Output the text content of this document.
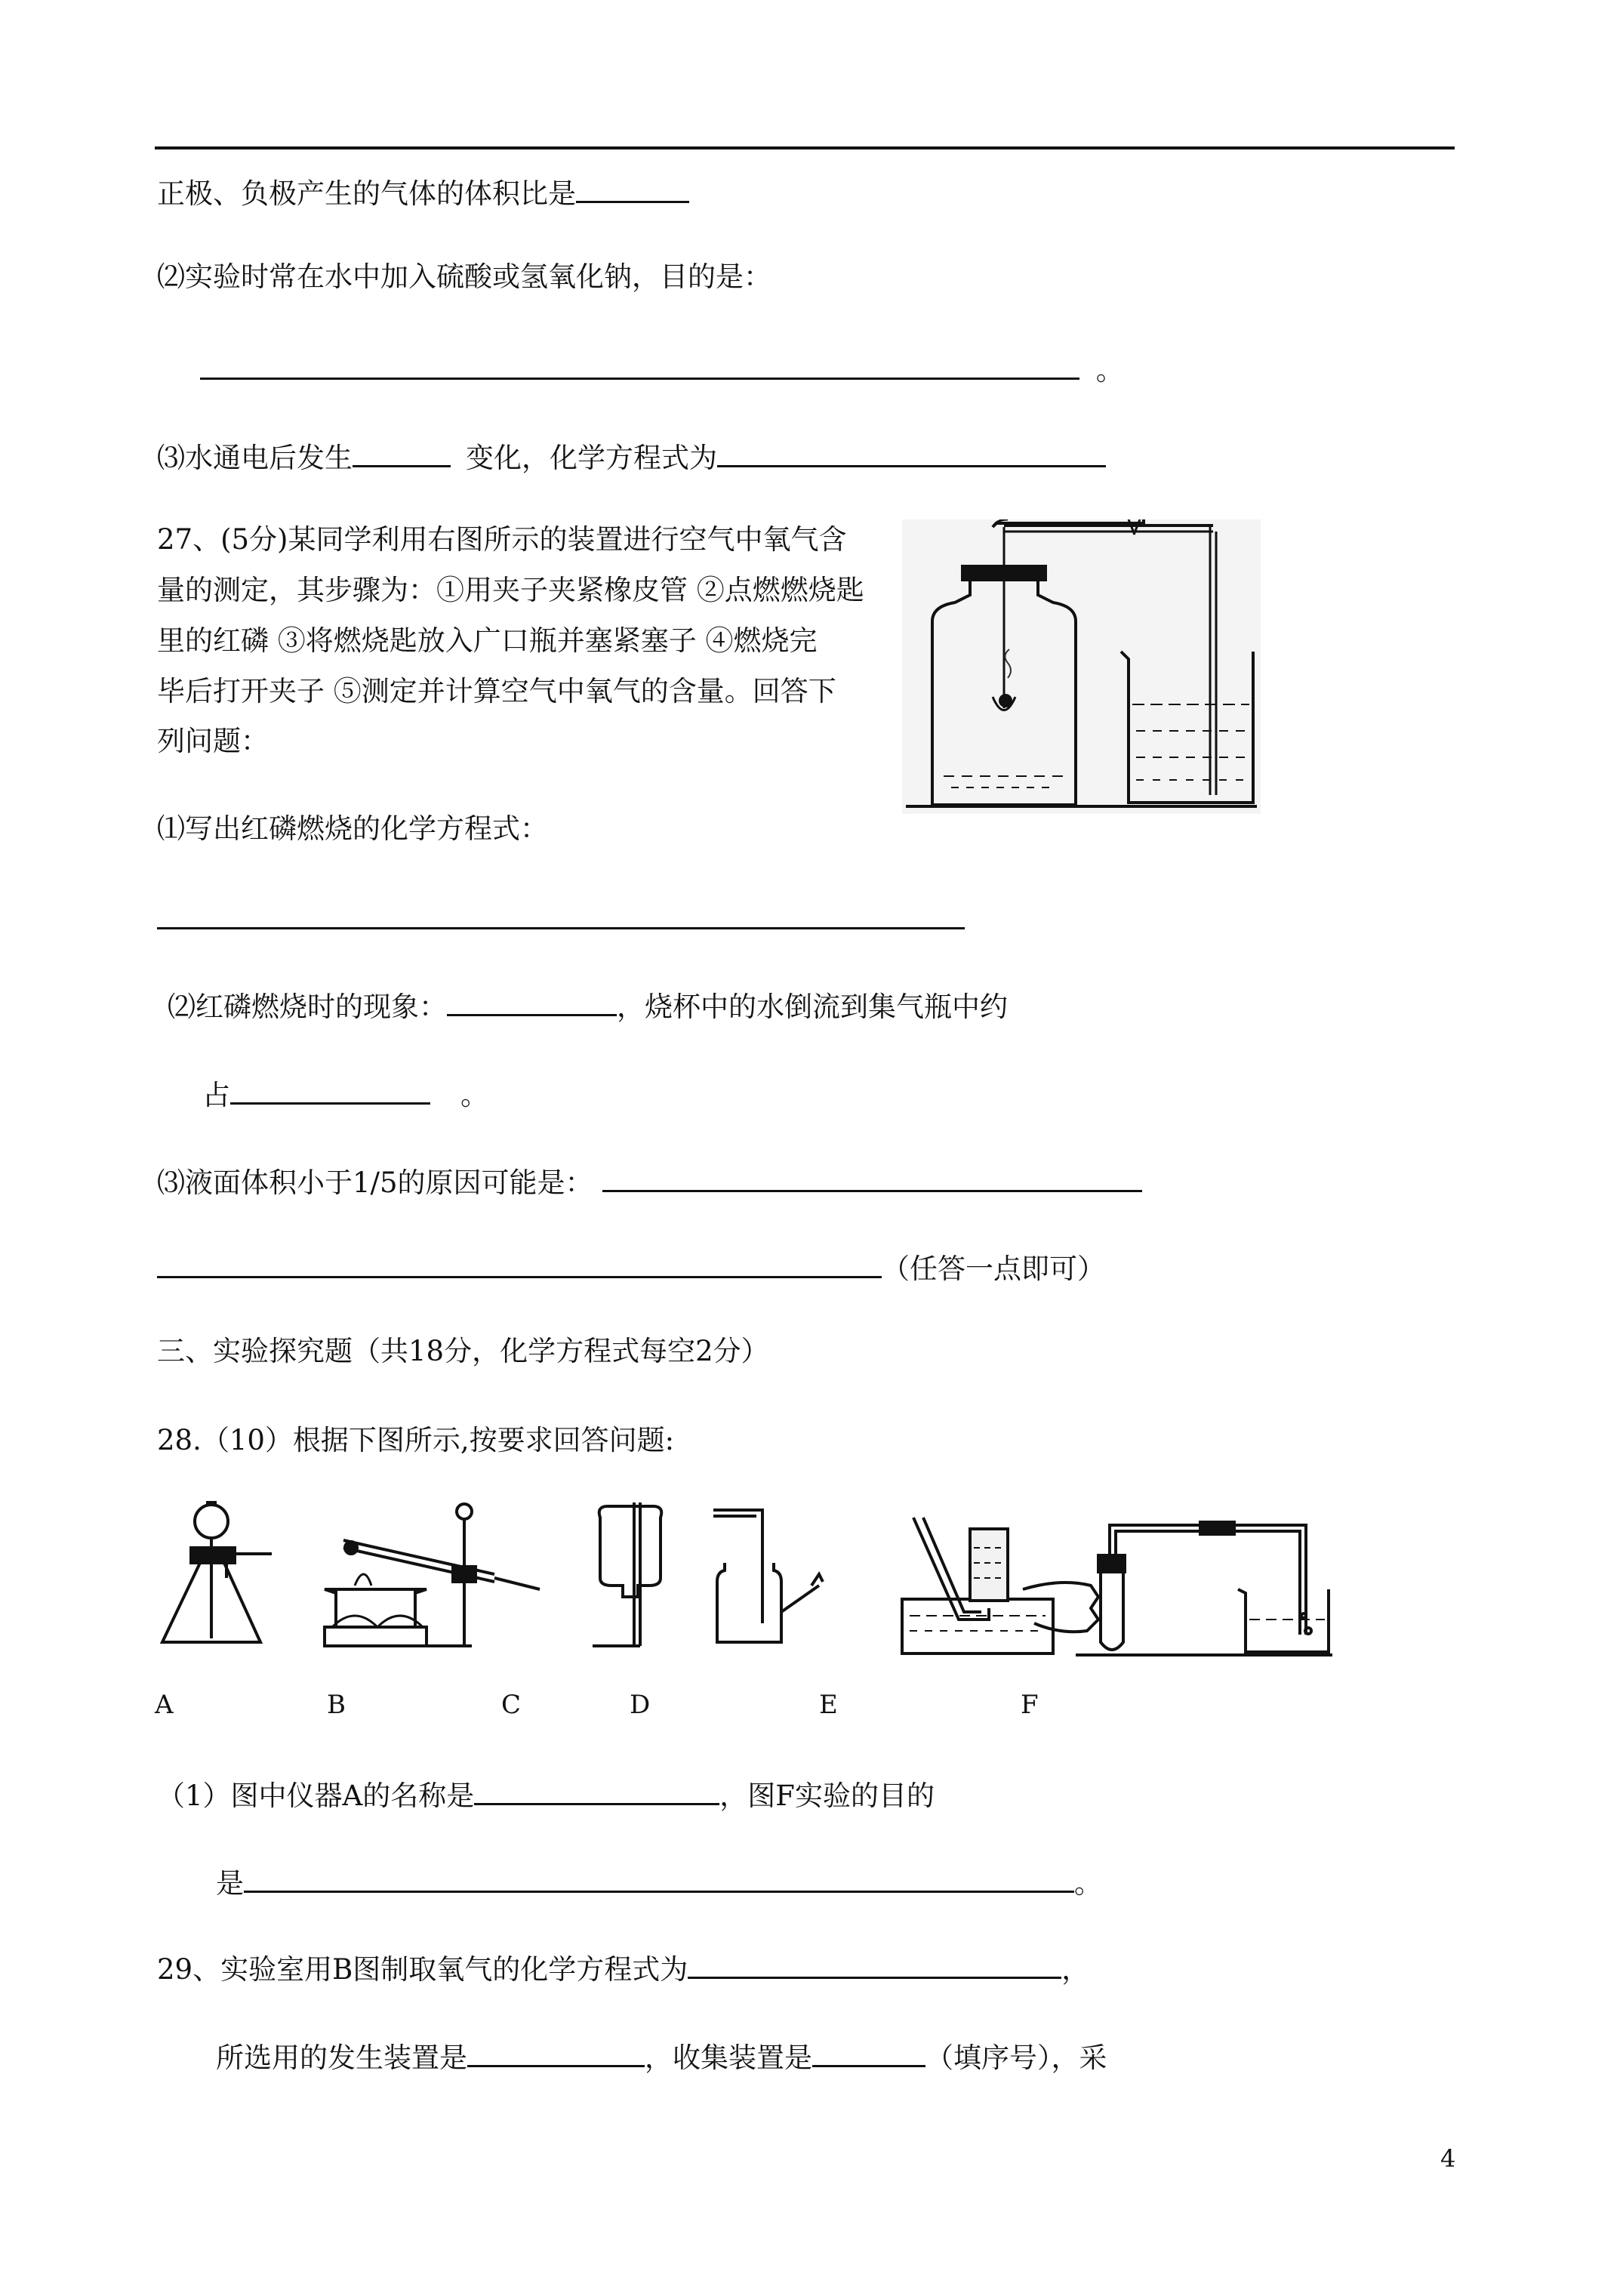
正极、负极产生的气体的体积比是
⑵实验时常在水中加入硫酸或氢氧化钠，目的是：
。
⑶水通电后发生	变化，化学方程式为
27、(5分)某同学利用右图所示的装置进行空气中氧气含
量的测定，其步骤为：①用夹子夹紧橡皮管 ②点燃燃烧匙
里的红磷 ③将燃烧匙放入广口瓶并塞紧塞子 ④燃烧完
毕后打开夹子 ⑤测定并计算空气中氧气的含量。回答下
列问题：
⑴写出红磷燃烧的化学方程式：
⑵红磷燃烧时的现象：	，烧杯中的水倒流到集气瓶中约
占	。
⑶液面体积小于1/5的原因可能是：
（任答一点即可）
三、实验探究题（共18分，化学方程式每空2分）
28.（10）根据下图所示,按要求回答问题:
A	B	C	D	E	F
（1）图中仪器A的名称是	，图F实验的目的
是	。
29、实验室用B图制取氧气的化学方程式为	，
所选用的发生装置是	，收集装置是	（填序号），采
4
